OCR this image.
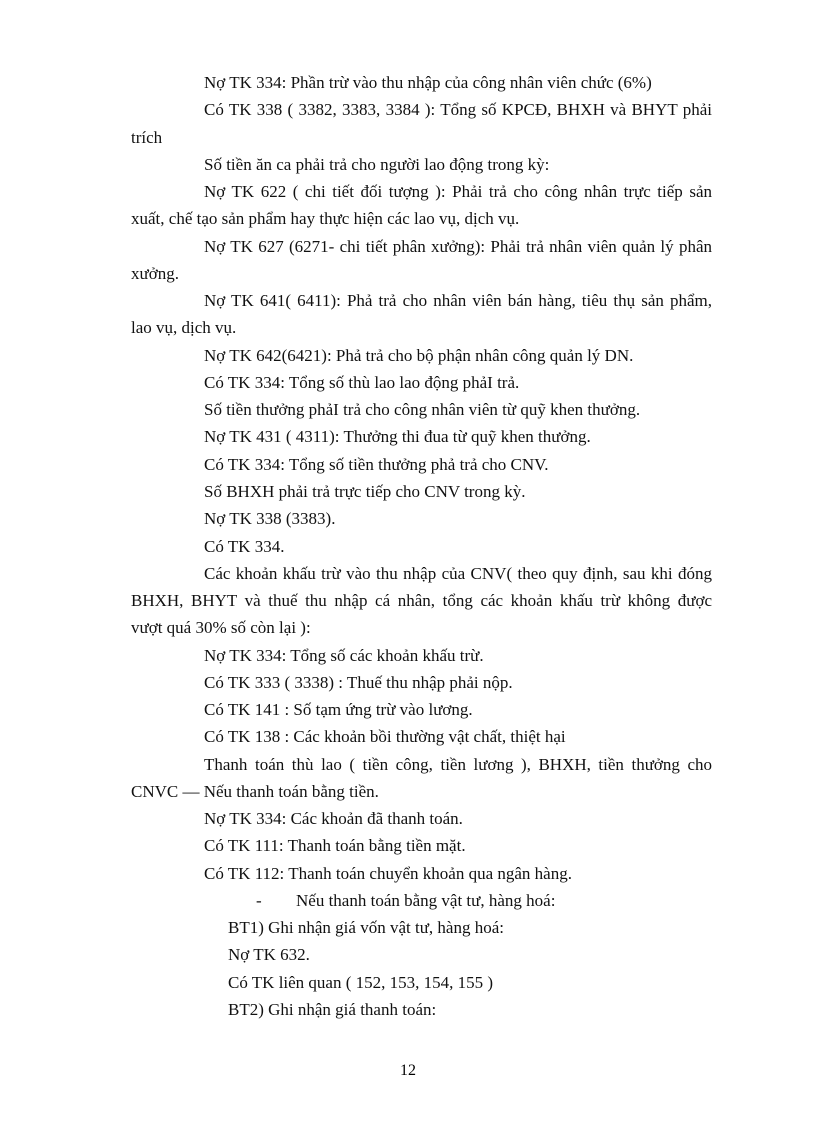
Nợ TK 334: Phần trừ vào thu nhập của công nhân viên chức (6%)

Có TK 338 ( 3382, 3383, 3384 ): Tổng số KPCĐ, BHXH và BHYT phải

trích

Số tiền ăn ca phải trả cho người lao động trong kỳ:

Nợ TK 622 ( chi tiết đối tượng ): Phải trả cho công nhân trực tiếp sản

xuất, chế tạo sản phẩm hay thực hiện các lao vụ, dịch vụ.

Nợ TK 627 (6271- chi tiết phân xưởng): Phải trả nhân viên quản lý phân

xưởng.

Nợ TK 641( 6411): Phả trả cho nhân viên bán hàng, tiêu thụ sản phẩm,

lao vụ, dịch vụ.

Nợ TK 642(6421): Phả trả cho bộ phận nhân công quản lý DN.

Có TK 334: Tổng số thù lao lao động phảI trả.

Số tiền thưởng phảI trả cho công nhân viên từ quỹ khen thưởng.

Nợ TK 431 ( 4311): Thưởng thi đua từ quỹ khen thưởng.

Có TK 334: Tổng số tiền thưởng phả trả cho CNV.

Số BHXH phải trả trực tiếp cho CNV trong kỳ.

Nợ TK 338 (3383).

Có TK 334.

Các khoản khấu trừ vào thu nhập của CNV( theo quy định, sau khi đóng

BHXH, BHYT và thuế thu nhập cá nhân, tổng các khoản khấu trừ không được

vượt quá 30% số còn lại ):

Nợ TK 334: Tổng số các khoản khấu trừ.

Có TK 333 ( 3338) : Thuế thu nhập phải nộp.

Có TK 141 : Số tạm ứng trừ vào lương.

Có TK 138 : Các khoản bồi thường vật chất, thiệt hại

Thanh toán thù lao ( tiền công, tiền lương ), BHXH, tiền thưởng cho

CNVC — Nếu thanh toán bằng tiền.

Nợ TK 334: Các khoản đã thanh toán.

Có TK 111: Thanh toán bằng tiền mặt.

Có TK 112: Thanh toán chuyển khoản qua ngân hàng.

- Nếu thanh toán bằng vật tư, hàng hoá:

BT1) Ghi nhận giá vốn vật tư, hàng hoá:

Nợ TK 632.

Có TK liên quan ( 152, 153, 154, 155 )

BT2) Ghi nhận giá thanh toán:

12
